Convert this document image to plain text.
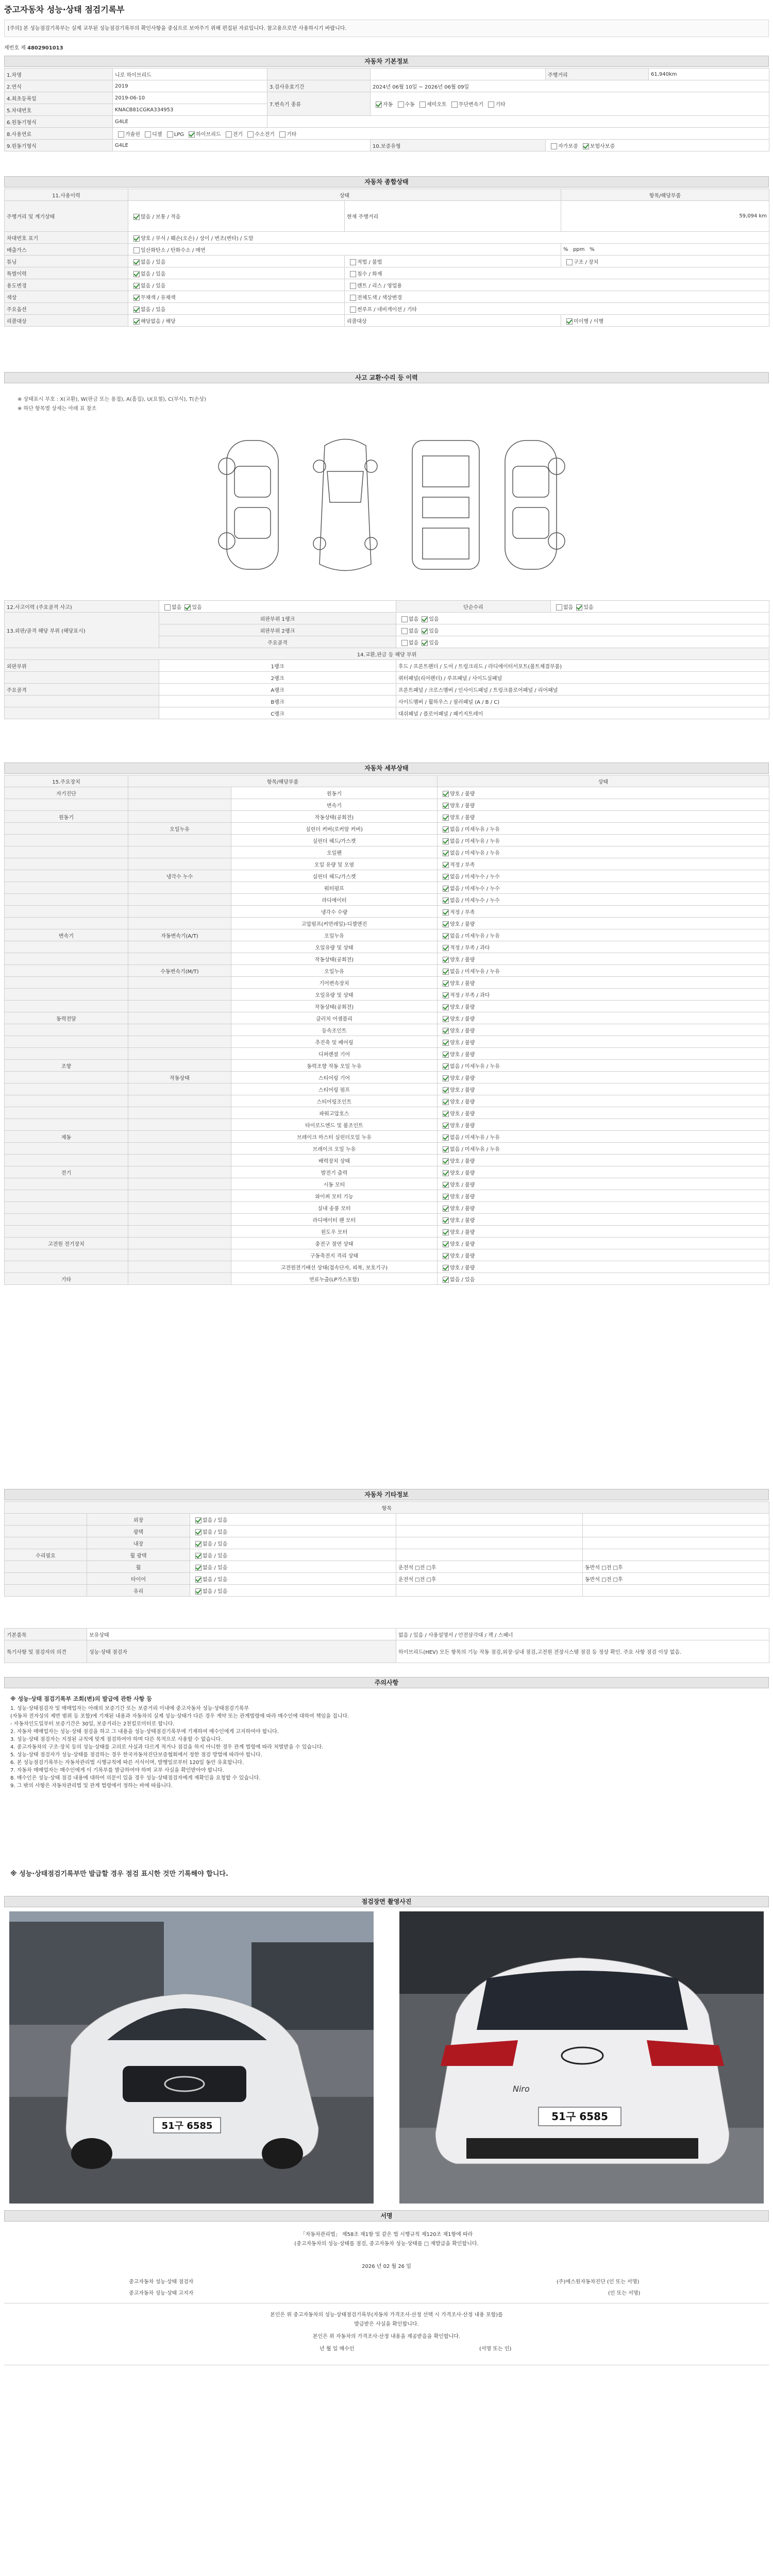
중고자동차 성능·상태 점검기록부
[주의] 본 성능점검기록부는 실제 교부된 성능점검기록부의 확인사항을 중심으로 보여주기 위해 편집된 자료입니다. 참고용으로만 사용하시기 바랍니다.
제번호 제 4802901013
자동차 기본정보
1.차명	니로 하이브리드			주행거리	61,940km
2.연식	2019	3.검사유효기간	2024년 06월 10일 ~ 2026년 06월 09일		
4.최초등록일	2019-06-10	7.변속기 종류	자동 수동 세미오토 무단변속기 기타		
5.차대번호	KNACB81CGKA334953				
6.원동기형식	G4LE				
8.사용연료	가솔린 디젤 LPG 하이브리드 전기 수소전기 기타				
9.원동기형식	G4LE		10.보증유형	자가보증 보험사보증	
자동차 종합상태
11.사용이력	상태		항목/해당부품
주행거리 및 계기상태	많음 / 보통 / 적음	현재 주행거리	59,094 km
차대번호 표기	양호 / 부식 / 훼손(오손) / 상이 / 변조(변타) / 도말		
배출가스	일산화탄소 / 탄화수소 / 매연		% ppm %
튜닝	없음 / 있음	적법 / 불법	구조 / 장치
특별이력	없음 / 있음	침수 / 화재	
용도변경	없음 / 있음	렌트 / 리스 / 영업용	
색상	무채색 / 유채색	전체도색 / 색상변경	
주요옵션	없음 / 있음	썬루프 / 네비게이션 / 기타	
리콜대상	해당없음 / 해당	리콜대상	미이행 / 이행
사고 교환·수리 등 이력
※ 상태표시 부호 : X(교환), W(판금 또는 용접), A(흠집), U(요철), C(부식), T(손상)
※ 하단 항목별 상세는 아래 표 참조
12.사고이력 (주요골격 사고)	없음 있음	단순수리	없음 있음
13.외판/골격 해당 부위 (해당표시)	외판부위 1랭크	없음 있음	
	외판부위 2랭크	없음 있음	
	주요골격	없음 있음	
14.교환,판금 등 해당 부위			
외판부위	1랭크	후드 / 프론트펜더 / 도어 / 트렁크리드 / 라디에이터서포트(볼트체결부품)	
	2랭크	쿼터패널(리어펜더) / 루프패널 / 사이드실패널	
주요골격	A랭크	프론트패널 / 크로스멤버 / 인사이드패널 / 트렁크플로어패널 / 리어패널	
	B랭크	사이드멤버 / 휠하우스 / 필러패널 (A / B / C)	
	C랭크	대쉬패널 / 플로어패널 / 패키지트레이	
자동차 세부상태
15.주요장치	항목/해당부품		상태
자기진단		원동기	양호 / 불량
		변속기	양호 / 불량
원동기		작동상태(공회전)	양호 / 불량
	오일누유	실린더 커버(로커암 커버)	없음 / 미세누유 / 누유
		실린더 헤드/가스켓	없음 / 미세누유 / 누유
		오일팬	없음 / 미세누유 / 누유
		오일 유량 및 오염	적정 / 부족
	냉각수 누수	실린더 헤드/가스켓	없음 / 미세누수 / 누수
		워터펌프	없음 / 미세누수 / 누수
		라디에이터	없음 / 미세누수 / 누수
		냉각수 수량	적정 / 부족
		고압펌프(커먼레일)-디젤엔진	양호 / 불량
변속기	자동변속기(A/T)	오일누유	없음 / 미세누유 / 누유
		오일유량 및 상태	적정 / 부족 / 과다
		작동상태(공회전)	양호 / 불량
	수동변속기(M/T)	오일누유	없음 / 미세누유 / 누유
		기어변속장치	양호 / 불량
		오일유량 및 상태	적정 / 부족 / 과다
		작동상태(공회전)	양호 / 불량
동력전달		클러치 어셈블리	양호 / 불량
		등속조인트	양호 / 불량
		추진축 및 베어링	양호 / 불량
		디퍼렌셜 기어	양호 / 불량
조향		동력조향 작동 오일 누유	없음 / 미세누유 / 누유
	작동상태	스티어링 기어	양호 / 불량
		스티어링 펌프	양호 / 불량
		스티어링조인트	양호 / 불량
		파워고압호스	양호 / 불량
		타이로드엔드 및 볼조인트	양호 / 불량
제동		브레이크 마스터 실린더오일 누유	없음 / 미세누유 / 누유
		브레이크 오일 누유	없음 / 미세누유 / 누유
		배력장치 상태	양호 / 불량
전기		발전기 출력	양호 / 불량
		시동 모터	양호 / 불량
		와이퍼 모터 기능	양호 / 불량
		실내 송풍 모터	양호 / 불량
		라디에이터 팬 모터	양호 / 불량
		윈도우 모터	양호 / 불량
고전원 전기장치		충전구 절연 상태	양호 / 불량
		구동축전지 격리 상태	양호 / 불량
		고전원전기배선 상태(접속단자, 피복, 보호기구)	양호 / 불량
기타		연료누출(LP가스포함)	없음 / 있음
자동차 기타정보
항목				
	외장	없음 / 있음		
	광택	없음 / 있음		
	내장	없음 / 있음		
수리필요	휠 광택	없음 / 있음		
	휠	없음 / 있음	운전석 □전 □후	동반석 □전 □후
	타이어	없음 / 있음	운전석 □전 □후	동반석 □전 □후
	유리	없음 / 있음		
기본품목	보유상태	없음 / 있음 / 사용설명서 / 안전삼각대 / 잭 / 스패너
특기사항 및 점검자의 의견	성능·상태 점검자	하이브리드(HEV) 모든 항목의 기능 작동 점검,외장·실내 점검,고전원 전장시스템 점검 등 정상 확인. 주요 사항 점검 이상 없음.
주의사항
※ 성능·상태 점검기록부 조회(변)의 발급에 관한 사항 등
1. 성능·상태점검자 및 매매업자는 아래의 보증기간 또는 보증거리 이내에 중고자동차 성능·상태점검기록부
(자동차 전자상의 제반 범위 등 포함)에 기재된 내용과 자동차의 실제 성능·상태가 다른 경우 계약 또는 관계법령에 따라 매수인에 대하여 책임을 집니다.
- 자동차인도일부터 보증기간은 30일, 보증거리는 2천킬로미터로 합니다.
2. 자동차 매매업자는 성능·상태 점검을 하고 그 내용을 성능·상태점검기록부에 기재하여 매수인에게 고지하여야 합니다.
3. 성능·상태 점검자는 지정된 규칙에 맞게 점검하여야 하며 다른 목적으로 사용할 수 없습니다.
4. 중고자동차의 구조·장치 등의 성능·상태를 고의로 사실과 다르게 적거나 점검을 하지 아니한 경우 관계 법령에 따라 처벌받을 수 있습니다.
5. 성능·상태 점검자가 성능·상태를 점검하는 경우 한국자동차진단보증협회에서 정한 점검 방법에 따라야 합니다.
6. 본 성능점검기록부는 자동차관리법 시행규칙에 따른 서식이며, 발행일로부터 120일 동안 유효합니다.
7. 자동차 매매업자는 매수인에게 이 기록부를 발급하여야 하며 교부 사실을 확인받아야 합니다.
8. 매수인은 성능·상태 점검 내용에 대하여 의문이 있을 경우 성능·상태점검자에게 재확인을 요청할 수 있습니다.
9. 그 밖의 사항은 자동차관리법 및 관계 법령에서 정하는 바에 따릅니다.
※ 성능·상태점검기록부만 발급할 경우 점검 표시한 것만 기록해야 합니다.
점검장면 촬영사진
51구 6585
Niro
51구 6585
서명
「자동차관리법」 제58조 제1항 및 같은 법 시행규칙 제120조 제1항에 따라
(중고자동차의 성능·상태를 점검, 중고자동차 성능·상태를 □ 재발급을 확인합니다.
2026 년 02 월 26 일
중고자동차 성능·상태 점검자	(주)에스원자동차진단 (인 또는 서명)
중고자동차 성능·상태 고지자	(인 또는 서명)
본인은 위 중고자동차의 성능·상태점검기록부(자동차 가격조사·산정 선택 시 가격조사·산정 내용 포함)를
발급받은 사실을 확인합니다.
본인은 위 자동차의 가격조사·산정 내용을 제공받음을 확인합니다.
년 월 일 매수인	(서명 또는 인)
